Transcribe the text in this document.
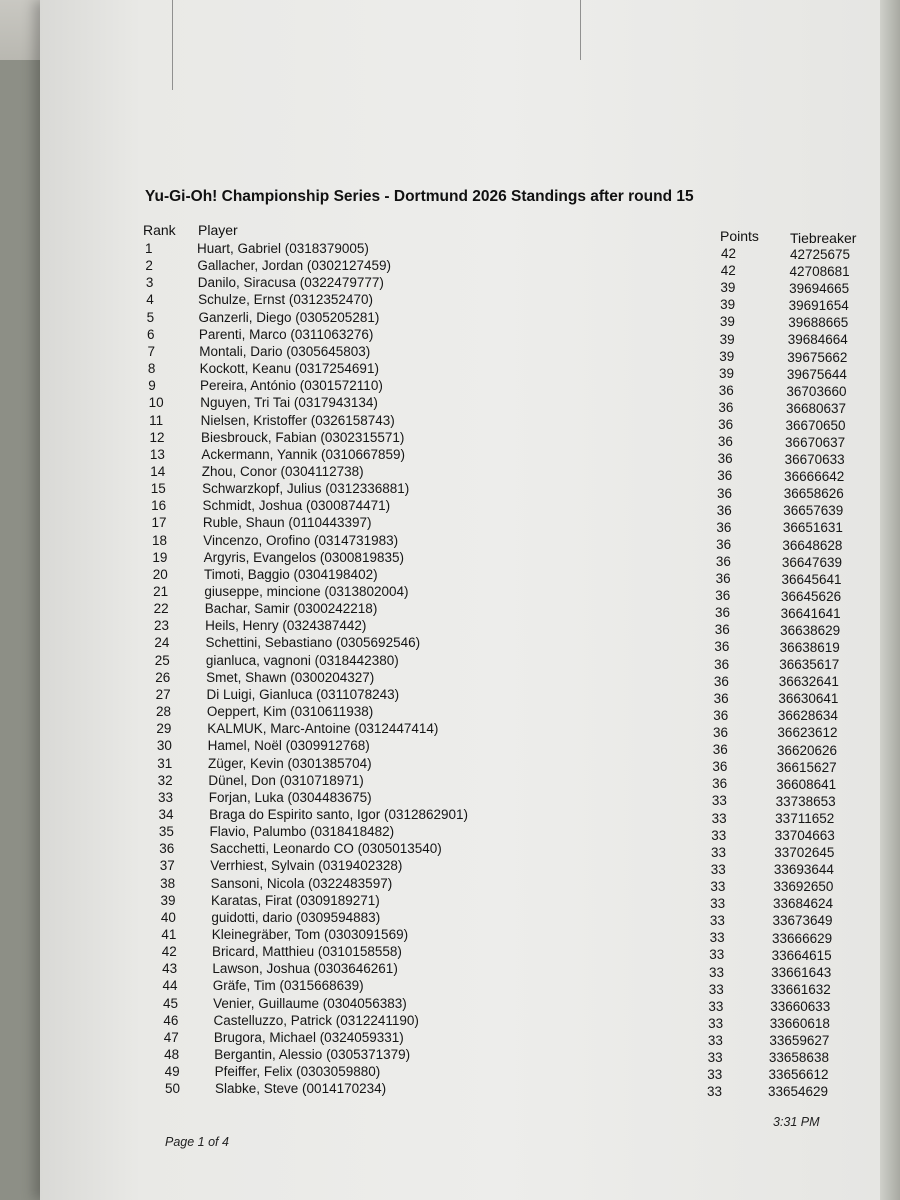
Yu-Gi-Oh! Championship Series - Dortmund 2026 Standings after round 15
Rank Player	Points Tiebreaker
1	Huart, Gabriel (0318379005)	42	42725675
2	Gallacher, Jordan (0302127459)	42	42708681
3	Danilo, Siracusa (0322479777)	39	39694665
4	Schulze, Ernst (0312352470)	39	39691654
5	Ganzerli, Diego (0305205281)	39	39688665
6	Parenti, Marco (0311063276)	39	39684664
7	Montali, Dario (0305645803)	39	39675662
8	Kockott, Keanu (0317254691)	39	39675644
9	Pereira, António (0301572110)	36	36703660
10	Nguyen, Tri Tai (0317943134)	36	36680637
11	Nielsen, Kristoffer (0326158743)	36	36670650
12	Biesbrouck, Fabian (0302315571)	36	36670637
13	Ackermann, Yannik (0310667859)	36	36670633
14	Zhou, Conor (0304112738)	36	36666642
15	Schwarzkopf, Julius (0312336881)	36	36658626
16	Schmidt, Joshua (0300874471)	36	36657639
17	Ruble, Shaun (0110443397)	36	36651631
18	Vincenzo, Orofino (0314731983)	36	36648628
19	Argyris, Evangelos (0300819835)	36	36647639
20	Timoti, Baggio (0304198402)	36	36645641
21	giuseppe, mincione (0313802004)	36	36645626
22	Bachar, Samir (0300242218)	36	36641641
23	Heils, Henry (0324387442)	36	36638629
24	Schettini, Sebastiano (0305692546)	36	36638619
25	gianluca, vagnoni (0318442380)	36	36635617
26	Smet, Shawn (0300204327)	36	36632641
27	Di Luigi, Gianluca (0311078243)	36	36630641
28	Oeppert, Kim (0310611938)	36	36628634
29	KALMUK, Marc-Antoine (0312447414)	36	36623612
30	Hamel, Noël (0309912768)	36	36620626
31	Züger, Kevin (0301385704)	36	36615627
32	Dünel, Don (0310718971)	36	36608641
33	Forjan, Luka (0304483675)	33	33738653
34	Braga do Espirito santo, Igor (0312862901)	33	33711652
35	Flavio, Palumbo (0318418482)	33	33704663
36	Sacchetti, Leonardo CO (0305013540)	33	33702645
37	Verrhiest, Sylvain (0319402328)	33	33693644
38	Sansoni, Nicola (0322483597)	33	33692650
39	Karatas, Firat (0309189271)	33	33684624
40	guidotti, dario (0309594883)	33	33673649
41	Kleinegräber, Tom (0303091569)	33	33666629
42	Bricard, Matthieu (0310158558)	33	33664615
43	Lawson, Joshua (0303646261)	33	33661643
44	Gräfe, Tim (0315668639)	33	33661632
45	Venier, Guillaume (0304056383)	33	33660633
46	Castelluzzo, Patrick (0312241190)	33	33660618
47	Brugora, Michael (0324059331)	33	33659627
48	Bergantin, Alessio (0305371379)	33	33658638
49	Pfeiffer, Felix (0303059880)	33	33656612
50	Slabke, Steve (0014170234)	33	33654629
3:31 PM
Page 1 of 4
